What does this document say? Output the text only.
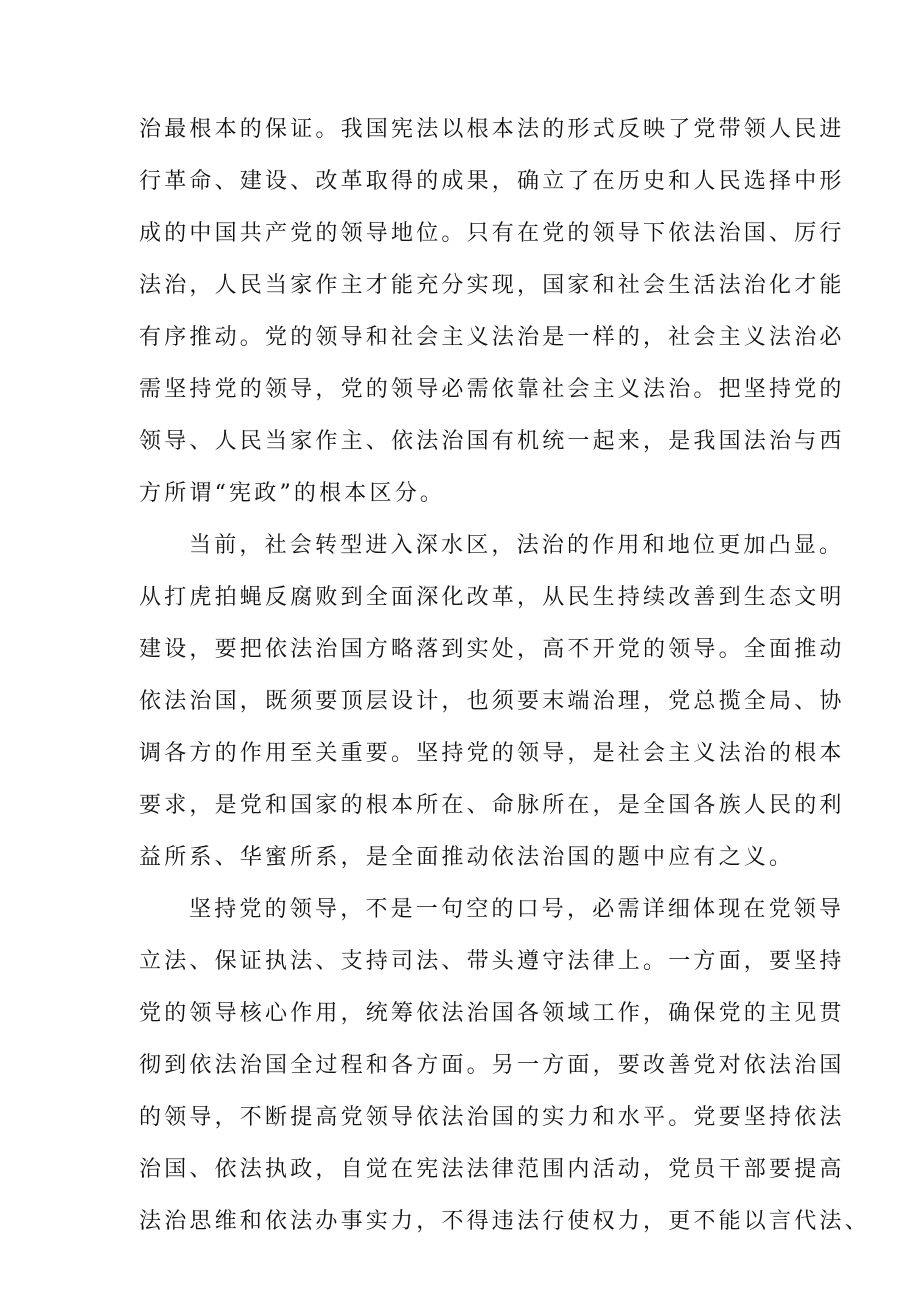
治最根本的保证。我国宪法以根本法的形式反映了党带领人民进
行革命、建设、改革取得的成果，确立了在历史和人民选择中形
成的中国共产党的领导地位。只有在党的领导下依法治国、厉行
法治，人民当家作主才能充分实现，国家和社会生活法治化才能
有序推动。党的领导和社会主义法治是一样的，社会主义法治必
需坚持党的领导，党的领导必需依靠社会主义法治。把坚持党的
领导、人民当家作主、依法治国有机统一起来，是我国法治与西
方所谓“宪政”的根本区分。
当前，社会转型进入深水区，法治的作用和地位更加凸显。
从打虎拍蝇反腐败到全面深化改革，从民生持续改善到生态文明
建设，要把依法治国方略落到实处，高不开党的领导。全面推动
依法治国，既须要顶层设计，也须要末端治理，党总揽全局、协
调各方的作用至关重要。坚持党的领导，是社会主义法治的根本
要求，是党和国家的根本所在、命脉所在，是全国各族人民的利
益所系、华蜜所系，是全面推动依法治国的题中应有之义。
坚持党的领导，不是一句空的口号，必需详细体现在党领导
立法、保证执法、支持司法、带头遵守法律上。一方面，要坚持
党的领导核心作用，统筹依法治国各领域工作，确保党的主见贯
彻到依法治国全过程和各方面。另一方面，要改善党对依法治国
的领导，不断提高党领导依法治国的实力和水平。党要坚持依法
治国、依法执政，自觉在宪法法律范围内活动，党员干部要提高
法治思维和依法办事实力，不得违法行使权力，更不能以言代法、
